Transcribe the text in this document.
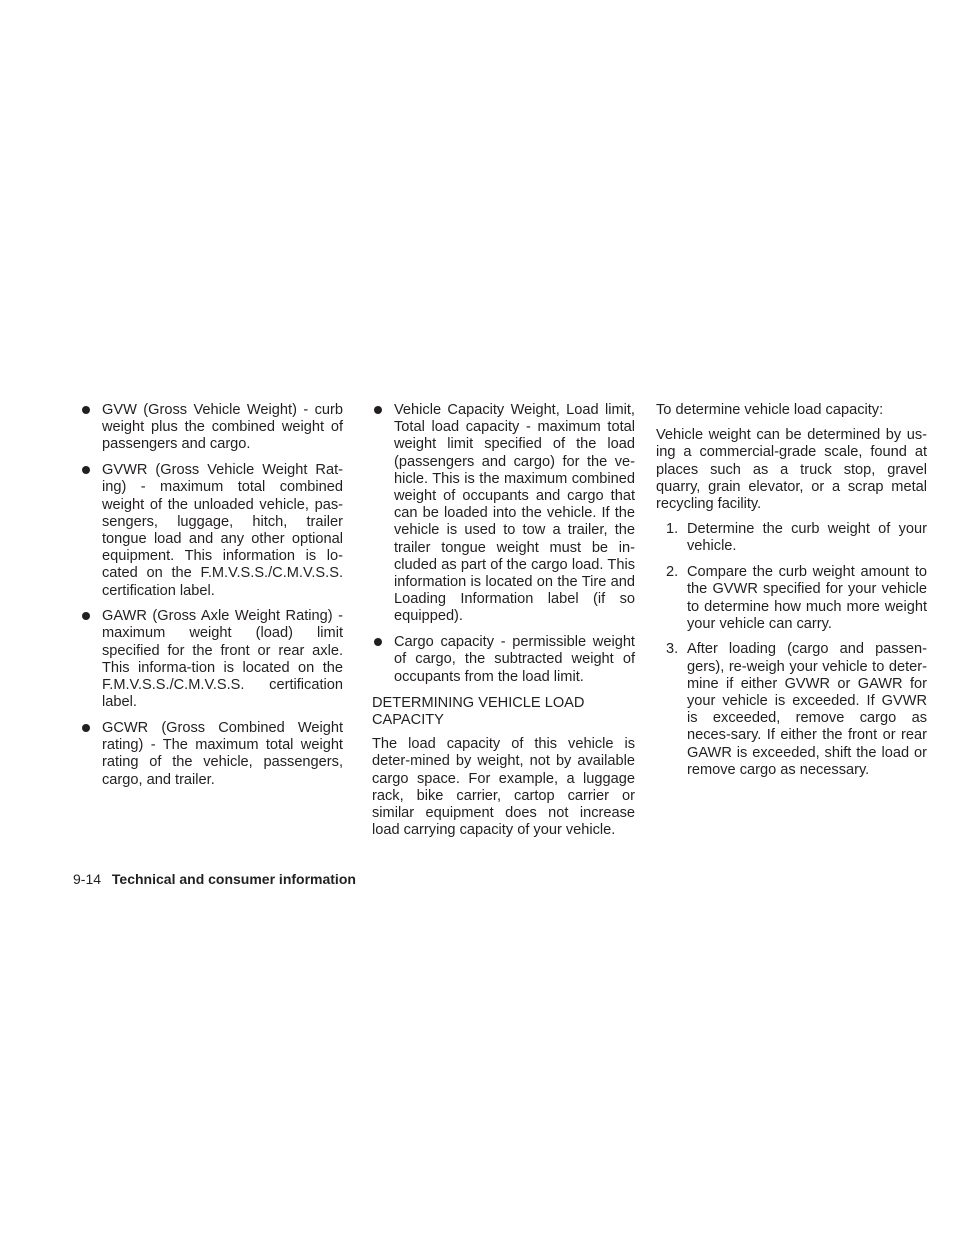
GVW (Gross Vehicle Weight) - curb weight plus the combined weight of passengers and cargo.
GVWR (Gross Vehicle Weight Rat-ing) - maximum total combined weight of the unloaded vehicle, pas-sengers, luggage, hitch, trailer tongue load and any other optional equipment. This information is lo-cated on the F.M.V.S.S./C.M.V.S.S. certification label.
GAWR (Gross Axle Weight Rating) - maximum weight (load) limit specified for the front or rear axle. This informa-tion is located on the F.M.V.S.S./C.M.V.S.S. certification label.
GCWR (Gross Combined Weight rating) - The maximum total weight rating of the vehicle, passengers, cargo, and trailer.
Vehicle Capacity Weight, Load limit, Total load capacity - maximum total weight limit specified of the load (passengers and cargo) for the ve-hicle. This is the maximum combined weight of occupants and cargo that can be loaded into the vehicle. If the vehicle is used to tow a trailer, the trailer tongue weight must be in-cluded as part of the cargo load. This information is located on the Tire and Loading Information label (if so equipped).
Cargo capacity - permissible weight of cargo, the subtracted weight of occupants from the load limit.
DETERMINING VEHICLE LOAD CAPACITY

The load capacity of this vehicle is deter-mined by weight, not by available cargo space. For example, a luggage rack, bike carrier, cartop carrier or similar equipment does not increase load carrying capacity of your vehicle.

To determine vehicle load capacity:

Vehicle weight can be determined by us-ing a commercial-grade scale, found at places such as a truck stop, gravel quarry, grain elevator, or a scrap metal recycling facility.

1. Determine the curb weight of your vehicle.
2. Compare the curb weight amount to the GVWR specified for your vehicle to determine how much more weight your vehicle can carry.
3. After loading (cargo and passen-gers), re-weigh your vehicle to deter-mine if either GVWR or GAWR for your vehicle is exceeded. If GVWR is exceeded, remove cargo as neces-sary. If either the front or rear GAWR is exceeded, shift the load or remove cargo as necessary.
9-14 Technical and consumer information
